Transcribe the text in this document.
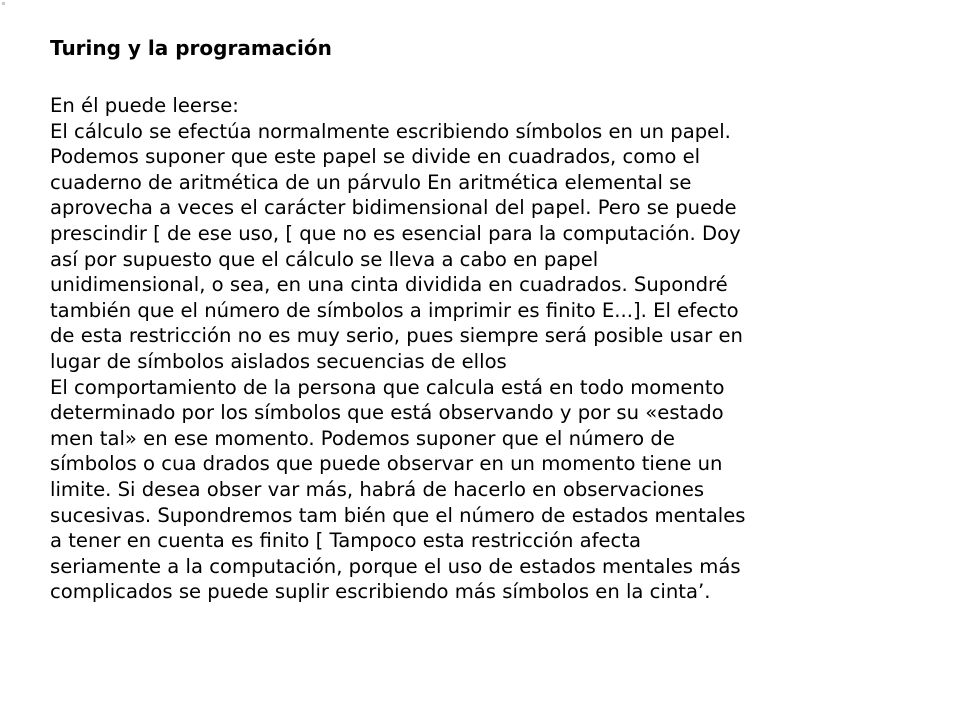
Turing y la programación
En él puede leerse:
El cálculo se efectúa normalmente escribiendo símbolos en un papel.
Podemos suponer que este papel se divide en cuadrados, como el
cuaderno de aritmética de un párvulo En aritmética elemental se
aprovecha a veces el carácter bidimensional del papel. Pero se puede
prescindir [ de ese uso, [ que no es esencial para la computación. Doy
así por supuesto que el cálculo se lleva a cabo en papel
unidimensional, o sea, en una cinta dividida en cuadrados. Supondré
también que el número de símbolos a imprimir es finito E...]. El efecto
de esta restricción no es muy serio, pues siempre será posible usar en
lugar de símbolos aislados secuencias de ellos
El comportamiento de la persona que calcula está en todo momento
determinado por los símbolos que está observando y por su «estado
men tal» en ese momento. Podemos suponer que el número de
símbolos o cua drados que puede observar en un momento tiene un
limite. Si desea obser var más, habrá de hacerlo en observaciones
sucesivas. Supondremos tam bién que el número de estados mentales
a tener en cuenta es finito [ Tampoco esta restricción afecta
seriamente a la computación, porque el uso de estados mentales más
complicados se puede suplir escribiendo más símbolos en la cinta’.
